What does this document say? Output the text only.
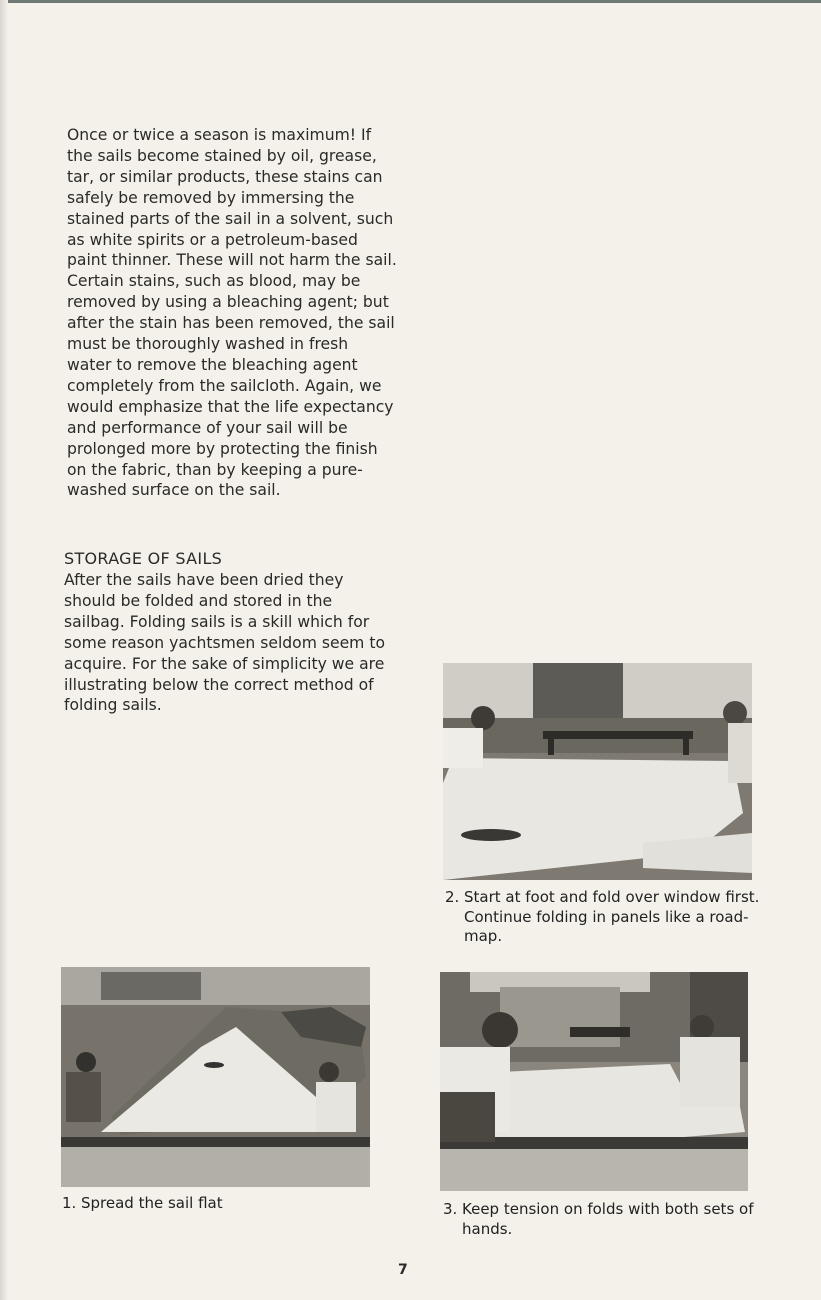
Once or twice a season is maximum! If the sails become stained by oil, grease, tar, or similar products, these stains can safely be removed by immersing the stained parts of the sail in a solvent, such as white spirits or a petroleum-based paint thinner. These will not harm the sail. Certain stains, such as blood, may be removed by using a bleaching agent; but after the stain has been removed, the sail must be thoroughly washed in fresh water to remove the bleaching agent completely from the sailcloth. Again, we would emphasize that the life expectancy and performance of your sail will be prolonged more by protecting the finish on the fabric, than by keeping a pure-washed surface on the sail.
STORAGE OF SAILS
After the sails have been dried they should be folded and stored in the sailbag. Folding sails is a skill which for some reason yachtsmen seldom seem to acquire. For the sake of simplicity we are illustrating below the correct method of folding sails.
2. Start at foot and fold over window first. Continue folding in panels like a road-map.
1. Spread the sail flat	3. Keep tension on folds with both sets of hands.
7
